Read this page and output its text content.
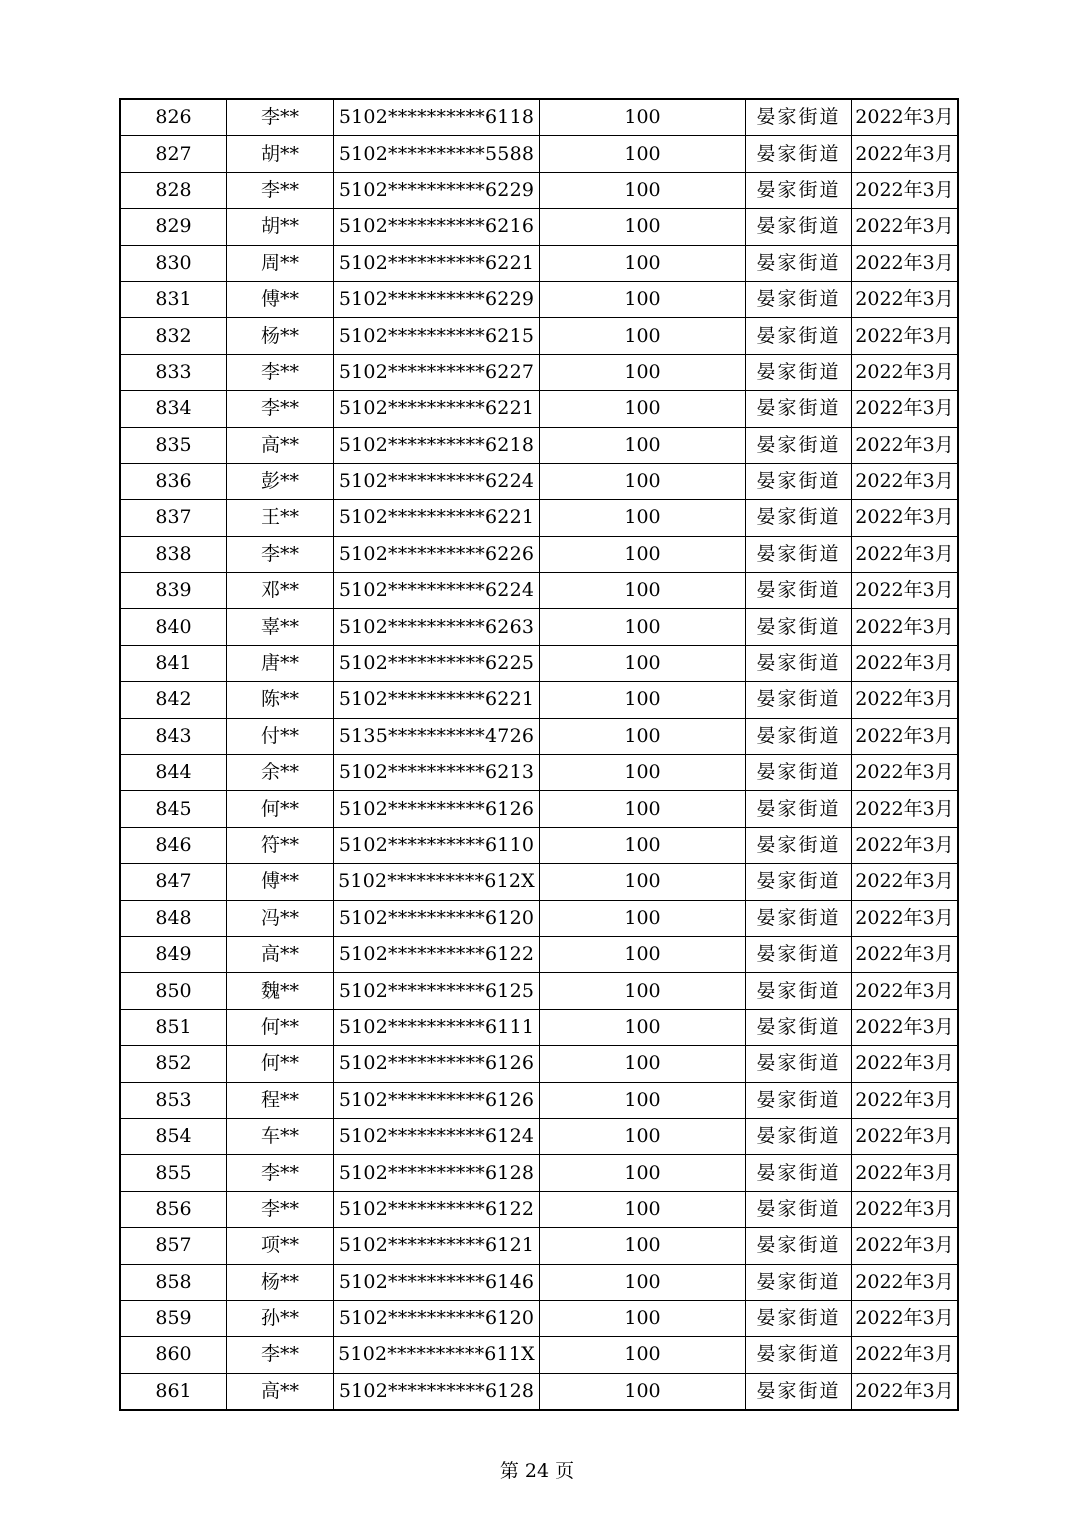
826	李**	5102**********6118	100	晏家街道	2022年3月
827	胡**	5102**********5588	100	晏家街道	2022年3月
828	李**	5102**********6229	100	晏家街道	2022年3月
829	胡**	5102**********6216	100	晏家街道	2022年3月
830	周**	5102**********6221	100	晏家街道	2022年3月
831	傅**	5102**********6229	100	晏家街道	2022年3月
832	杨**	5102**********6215	100	晏家街道	2022年3月
833	李**	5102**********6227	100	晏家街道	2022年3月
834	李**	5102**********6221	100	晏家街道	2022年3月
835	高**	5102**********6218	100	晏家街道	2022年3月
836	彭**	5102**********6224	100	晏家街道	2022年3月
837	王**	5102**********6221	100	晏家街道	2022年3月
838	李**	5102**********6226	100	晏家街道	2022年3月
839	邓**	5102**********6224	100	晏家街道	2022年3月
840	辜**	5102**********6263	100	晏家街道	2022年3月
841	唐**	5102**********6225	100	晏家街道	2022年3月
842	陈**	5102**********6221	100	晏家街道	2022年3月
843	付**	5135**********4726	100	晏家街道	2022年3月
844	余**	5102**********6213	100	晏家街道	2022年3月
845	何**	5102**********6126	100	晏家街道	2022年3月
846	符**	5102**********6110	100	晏家街道	2022年3月
847	傅**	5102**********612X	100	晏家街道	2022年3月
848	冯**	5102**********6120	100	晏家街道	2022年3月
849	高**	5102**********6122	100	晏家街道	2022年3月
850	魏**	5102**********6125	100	晏家街道	2022年3月
851	何**	5102**********6111	100	晏家街道	2022年3月
852	何**	5102**********6126	100	晏家街道	2022年3月
853	程**	5102**********6126	100	晏家街道	2022年3月
854	车**	5102**********6124	100	晏家街道	2022年3月
855	李**	5102**********6128	100	晏家街道	2022年3月
856	李**	5102**********6122	100	晏家街道	2022年3月
857	项**	5102**********6121	100	晏家街道	2022年3月
858	杨**	5102**********6146	100	晏家街道	2022年3月
859	孙**	5102**********6120	100	晏家街道	2022年3月
860	李**	5102**********611X	100	晏家街道	2022年3月
861	高**	5102**********6128	100	晏家街道	2022年3月
第 24 页
